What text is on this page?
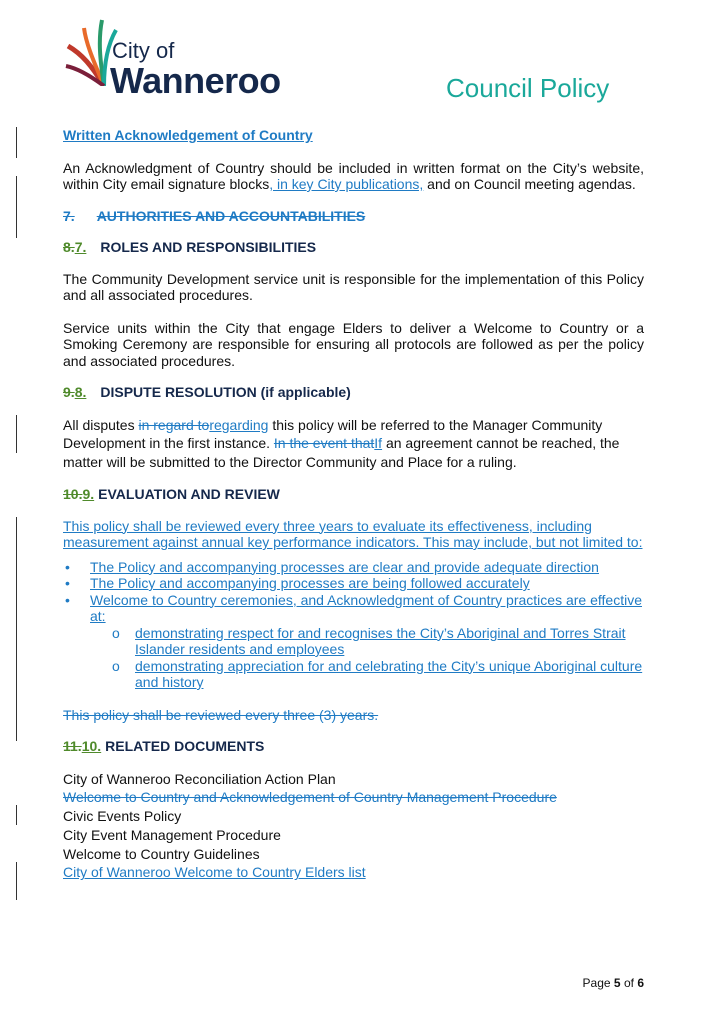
City of
Wanneroo	Council Policy
Written Acknowledgement of Country

An Acknowledgment of Country should be included in written format on the City’s website, within City email signature blocks, in key City publications, and on Council meeting agendas.

7. AUTHORITIES AND ACCOUNTABILITIES
8.7. ROLES AND RESPONSIBILITIES

The Community Development service unit is responsible for the implementation of this Policy and all associated procedures.

Service units within the City that engage Elders to deliver a Welcome to Country or a Smoking Ceremony are responsible for ensuring all protocols are followed as per the policy and associated procedures.

9.8. DISPUTE RESOLUTION (if applicable)

All disputes in regard toregarding this policy will be referred to the Manager Community Development in the first instance. In the event thatIf an agreement cannot be reached, the matter will be submitted to the Director Community and Place for a ruling.

10.9. EVALUATION AND REVIEW

This policy shall be reviewed every three years to evaluate its effectiveness, including measurement against annual key performance indicators. This may include, but not limited to:

• The Policy and accompanying processes are clear and provide adequate direction
• The Policy and accompanying processes are being followed accurately
• Welcome to Country ceremonies, and Acknowledgment of Country practices are effective at:
o demonstrating respect for and recognises the City’s Aboriginal and Torres Strait Islander residents and employees
o demonstrating appreciation for and celebrating the City’s unique Aboriginal culture and history
This policy shall be reviewed every three (3) years.
11.10. RELATED DOCUMENTS
City of Wanneroo Reconciliation Action Plan
Welcome to Country and Acknowledgement of Country Management Procedure
Civic Events Policy
City Event Management Procedure
Welcome to Country Guidelines
City of Wanneroo Welcome to Country Elders list
Page 5 of 6
